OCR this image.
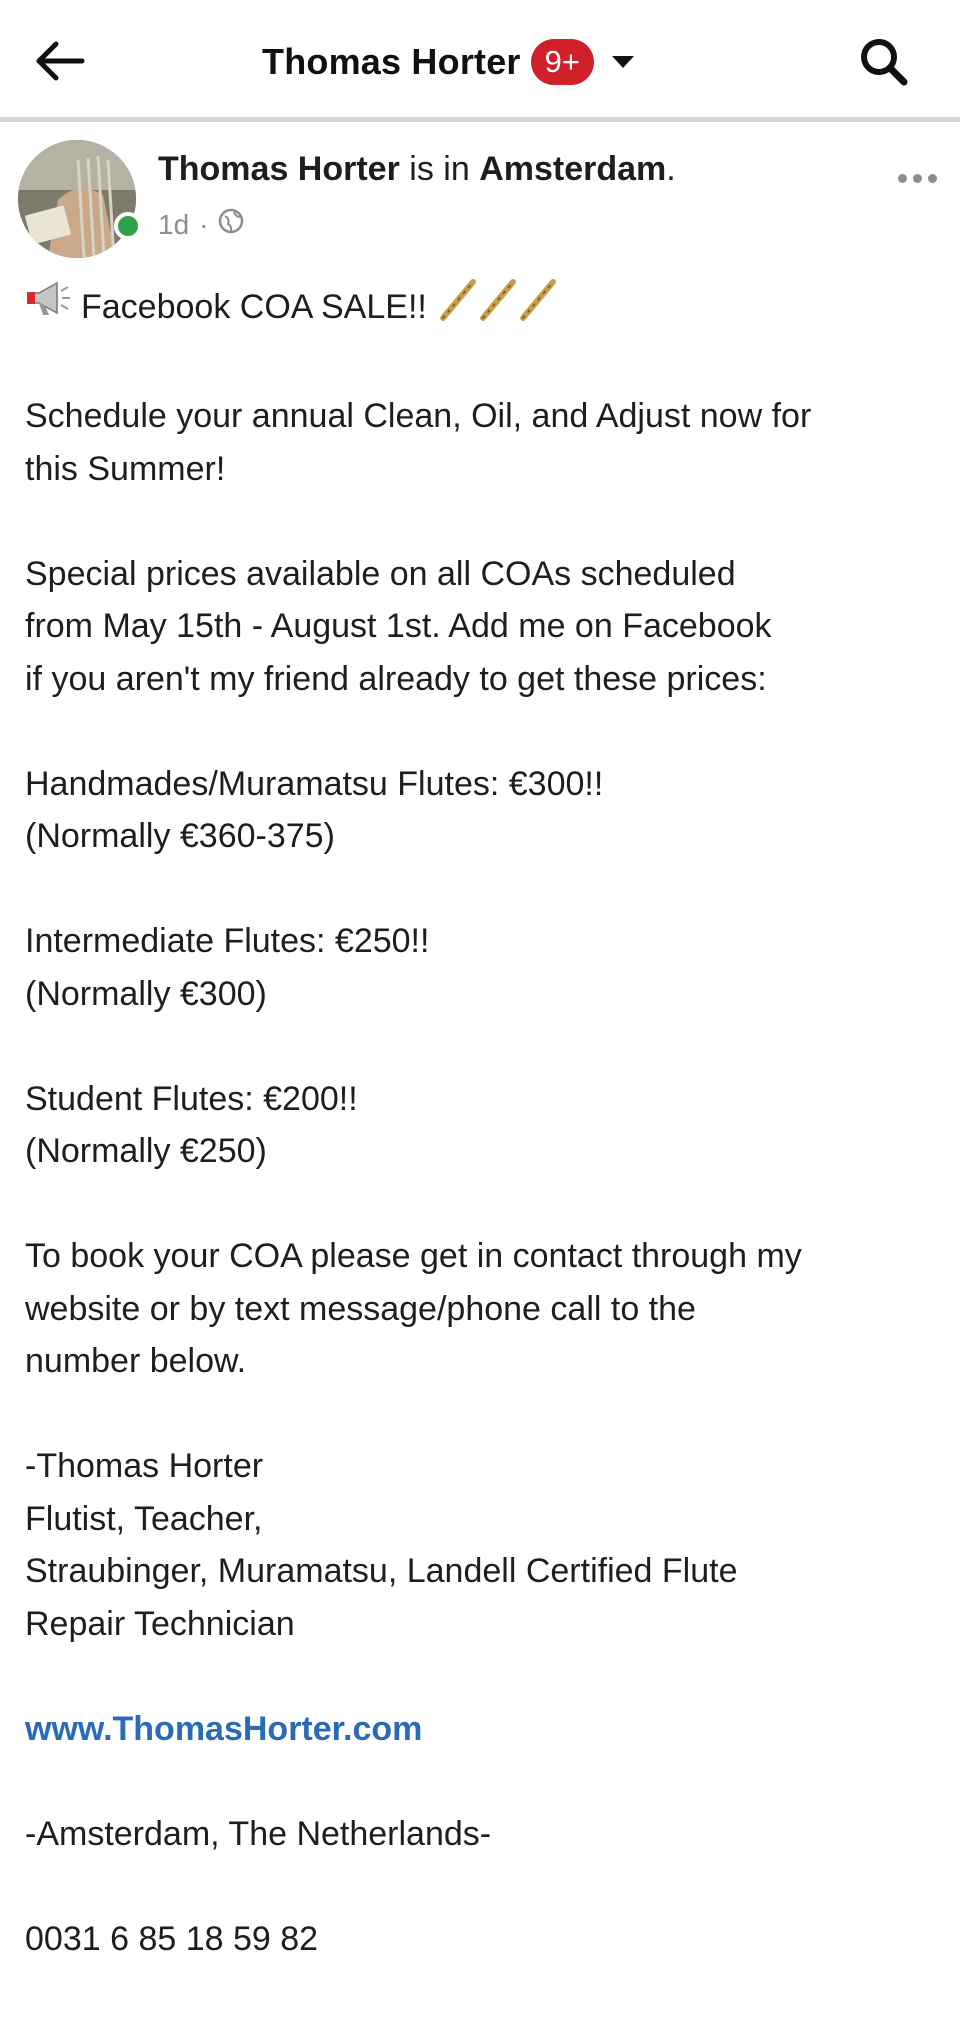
Thomas Horter 9+
Thomas Horter is in Amsterdam.
1d ·

Facebook COA SALE!!

Schedule your annual Clean, Oil, and Adjust now for
this Summer!

Special prices available on all COAs scheduled
from May 15th - August 1st. Add me on Facebook
if you aren't my friend already to get these prices:

Handmades/Muramatsu Flutes: €300!!
(Normally €360-375)

Intermediate Flutes: €250!!
(Normally €300)

Student Flutes: €200!!
(Normally €250)

To book your COA please get in contact through my
website or by text message/phone call to the
number below.

-Thomas Horter
Flutist, Teacher,
Straubinger, Muramatsu, Landell Certified Flute
Repair Technician

www.ThomasHorter.com

-Amsterdam, The Netherlands-

0031 6 85 18 59 82
